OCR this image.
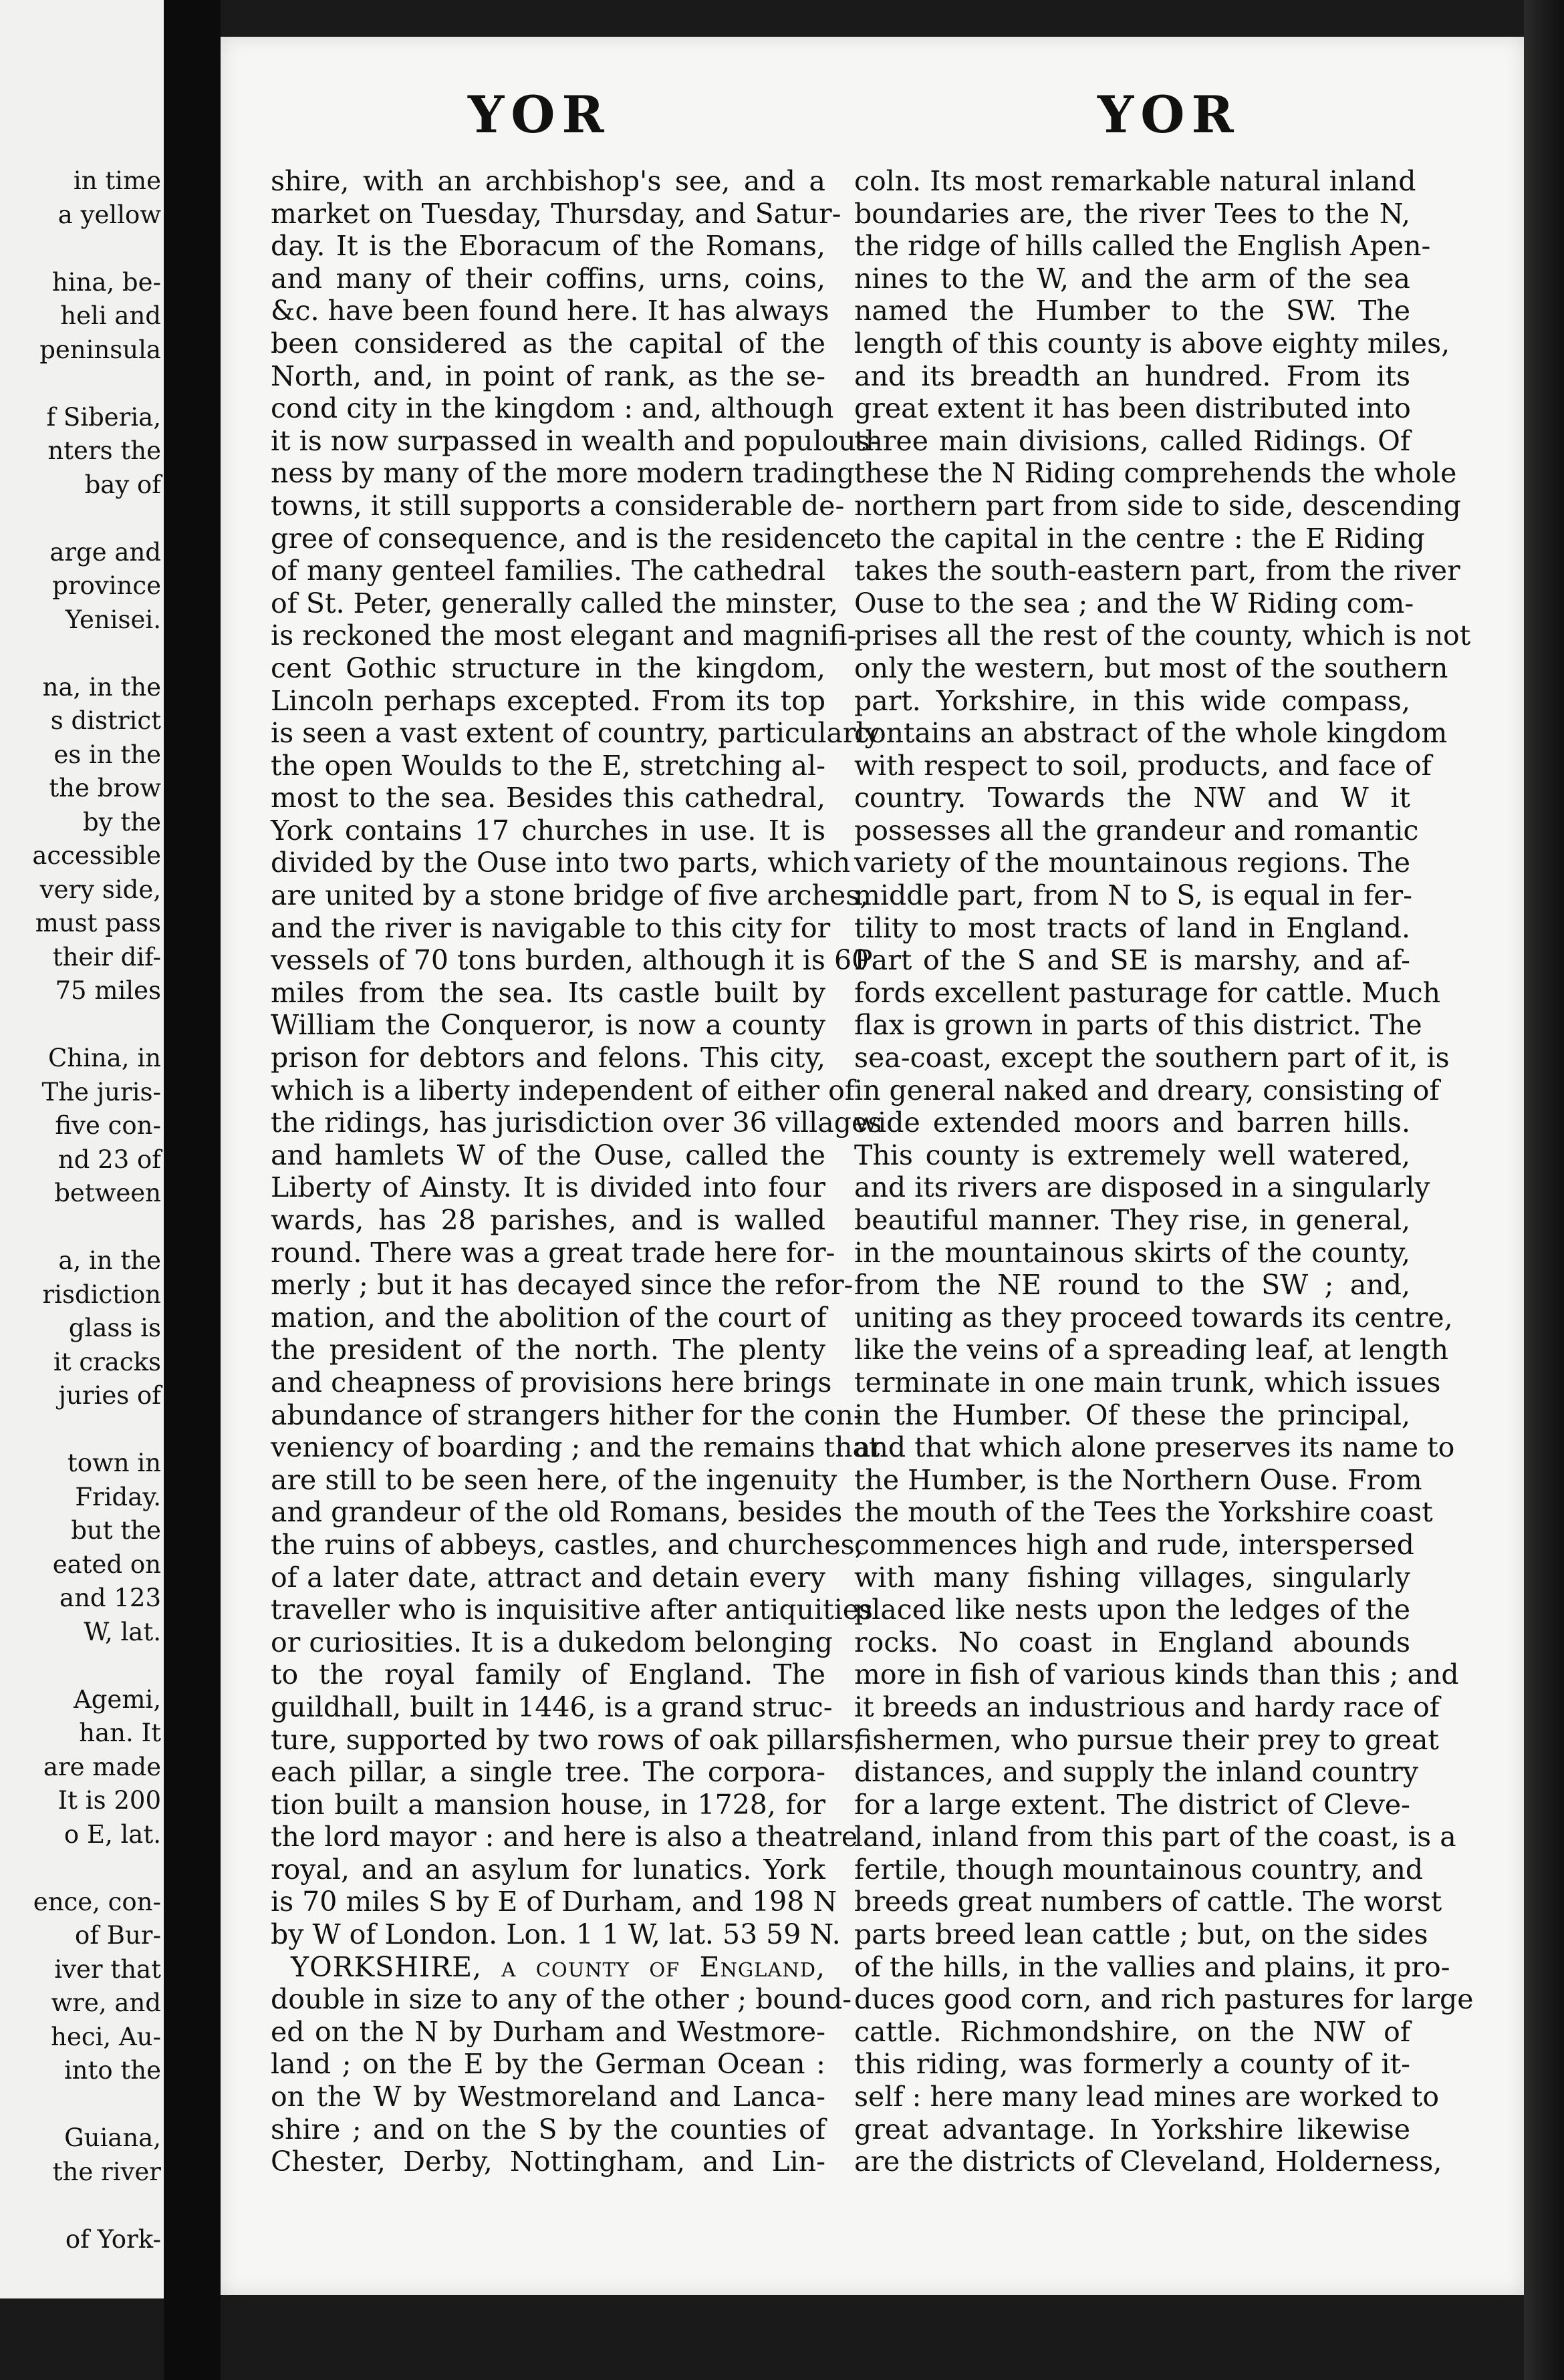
in time
a yellow
hina, be-
heli and
peninsula
f Siberia,
nters the
bay of
arge and
province
Yenisei.
na, in the
s district
es in the
the brow
by the
accessible
very side,
must pass
their dif-
75 miles
China, in
The juris-
five con-
nd 23 of
between
a, in the
risdiction
glass is
it cracks
juries of
town in
Friday.
but the
eated on
and 123
W, lat.
Agemi,
han. It
are made
It is 200
o E, lat.
ence, con-
of Bur-
iver that
wre, and
heci, Au-
into the
Guiana,
the river
of York-
YOR	YOR
shire, with an archbishop's see, and a
market on Tuesday, Thursday, and Satur-
day. It is the Eboracum of the Romans,
and many of their coffins, urns, coins,
&c. have been found here. It has always
been considered as the capital of the
North, and, in point of rank, as the se-
cond city in the kingdom : and, although
it is now surpassed in wealth and populous-
ness by many of the more modern trading
towns, it still supports a considerable de-
gree of consequence, and is the residence
of many genteel families. The cathedral
of St. Peter, generally called the minster,
is reckoned the most elegant and magnifi-
cent Gothic structure in the kingdom,
Lincoln perhaps excepted. From its top
is seen a vast extent of country, particularly
the open Woulds to the E, stretching al-
most to the sea. Besides this cathedral,
York contains 17 churches in use. It is
divided by the Ouse into two parts, which
are united by a stone bridge of five arches,
and the river is navigable to this city for
vessels of 70 tons burden, although it is 60
miles from the sea. Its castle built by
William the Conqueror, is now a county
prison for debtors and felons. This city,
which is a liberty independent of either of
the ridings, has jurisdiction over 36 villages
and hamlets W of the Ouse, called the
Liberty of Ainsty. It is divided into four
wards, has 28 parishes, and is walled
round. There was a great trade here for-
merly ; but it has decayed since the refor-
mation, and the abolition of the court of
the president of the north. The plenty
and cheapness of provisions here brings
abundance of strangers hither for the con-
veniency of boarding ; and the remains that
are still to be seen here, of the ingenuity
and grandeur of the old Romans, besides
the ruins of abbeys, castles, and churches,
of a later date, attract and detain every
traveller who is inquisitive after antiquities
or curiosities. It is a dukedom belonging
to the royal family of England. The
guildhall, built in 1446, is a grand struc-
ture, supported by two rows of oak pillars,
each pillar, a single tree. The corpora-
tion built a mansion house, in 1728, for
the lord mayor : and here is also a theatre
royal, and an asylum for lunatics. York
is 70 miles S by E of Durham, and 198 N
by W of London. Lon. 1 1 W, lat. 53 59 N.
YORKSHIRE, a county of England,
double in size to any of the other ; bound-
ed on the N by Durham and Westmore-
land ; on the E by the German Ocean :
on the W by Westmoreland and Lanca-
shire ; and on the S by the counties of
Chester, Derby, Nottingham, and Lin-
coln. Its most remarkable natural inland
boundaries are, the river Tees to the N,
the ridge of hills called the English Apen-
nines to the W, and the arm of the sea
named the Humber to the SW. The
length of this county is above eighty miles,
and its breadth an hundred. From its
great extent it has been distributed into
three main divisions, called Ridings. Of
these the N Riding comprehends the whole
northern part from side to side, descending
to the capital in the centre : the E Riding
takes the south-eastern part, from the river
Ouse to the sea ; and the W Riding com-
prises all the rest of the county, which is not
only the western, but most of the southern
part. Yorkshire, in this wide compass,
contains an abstract of the whole kingdom
with respect to soil, products, and face of
country. Towards the NW and W it
possesses all the grandeur and romantic
variety of the mountainous regions. The
middle part, from N to S, is equal in fer-
tility to most tracts of land in England.
Part of the S and SE is marshy, and af-
fords excellent pasturage for cattle. Much
flax is grown in parts of this district. The
sea-coast, except the southern part of it, is
in general naked and dreary, consisting of
wide extended moors and barren hills.
This county is extremely well watered,
and its rivers are disposed in a singularly
beautiful manner. They rise, in general,
in the mountainous skirts of the county,
from the NE round to the SW ; and,
uniting as they proceed towards its centre,
like the veins of a spreading leaf, at length
terminate in one main trunk, which issues
in the Humber. Of these the principal,
and that which alone preserves its name to
the Humber, is the Northern Ouse. From
the mouth of the Tees the Yorkshire coast
commences high and rude, interspersed
with many fishing villages, singularly
placed like nests upon the ledges of the
rocks. No coast in England abounds
more in fish of various kinds than this ; and
it breeds an industrious and hardy race of
fishermen, who pursue their prey to great
distances, and supply the inland country
for a large extent. The district of Cleve-
land, inland from this part of the coast, is a
fertile, though mountainous country, and
breeds great numbers of cattle. The worst
parts breed lean cattle ; but, on the sides
of the hills, in the vallies and plains, it pro-
duces good corn, and rich pastures for large
cattle. Richmondshire, on the NW of
this riding, was formerly a county of it-
self : here many lead mines are worked to
great advantage. In Yorkshire likewise
are the districts of Cleveland, Holderness,
